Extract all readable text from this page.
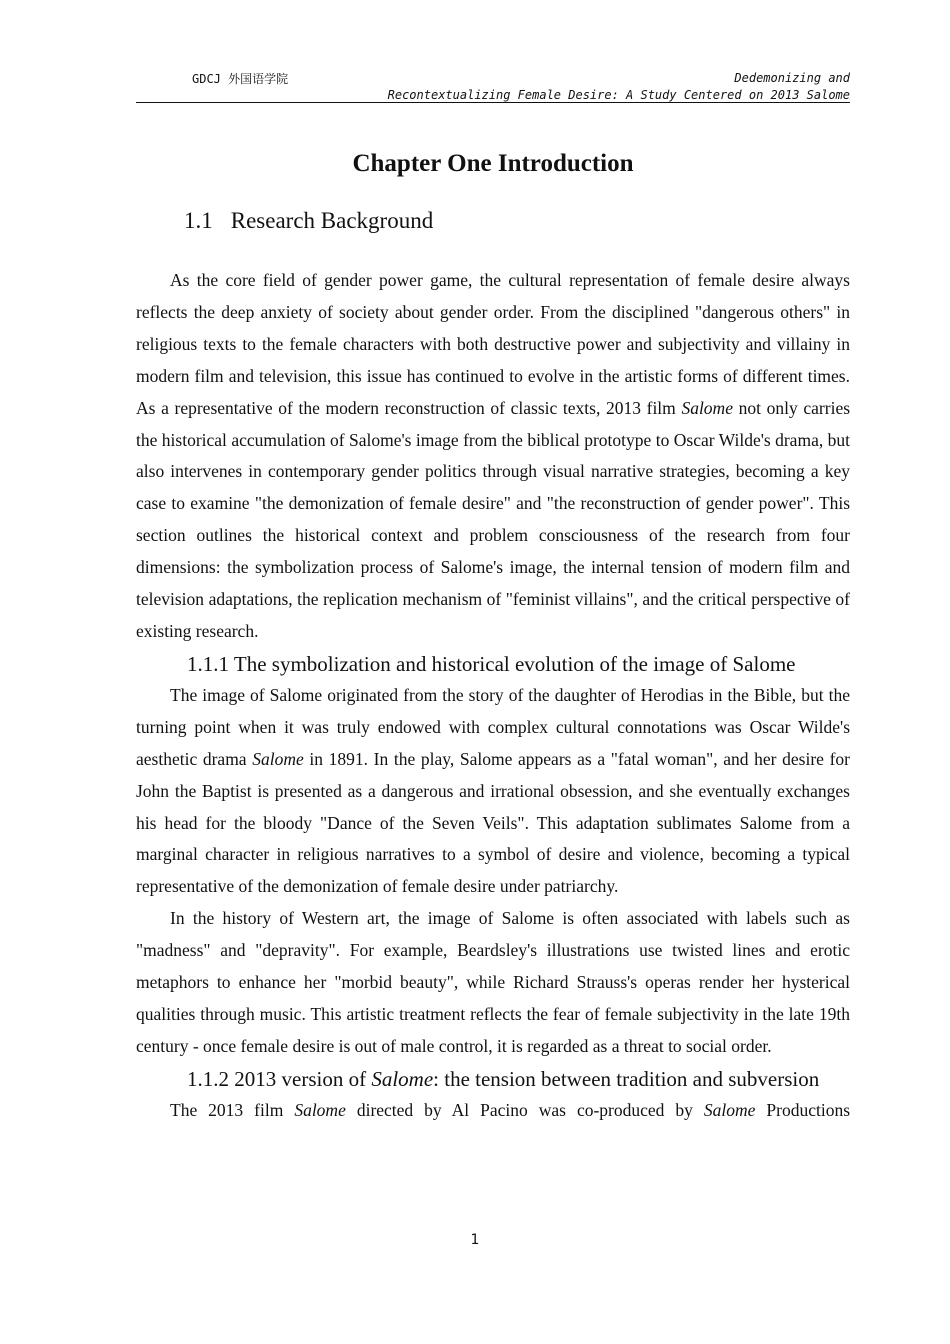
GDCJ 外国语学院	Dedemonizing and
Recontextualizing Female Desire: A Study Centered on 2013 Salome
Chapter One Introduction
1.1 Research Background

As the core field of gender power game, the cultural representation of female desire always reflects the deep anxiety of society about gender order. From the disciplined "dangerous others" in religious texts to the female characters with both destructive power and subjectivity and villainy in modern film and television, this issue has continued to evolve in the artistic forms of different times. As a representative of the modern reconstruction of classic texts, 2013 film Salome not only carries the historical accumulation of Salome's image from the biblical prototype to Oscar Wilde's drama, but also intervenes in contemporary gender politics through visual narrative strategies, becoming a key case to examine "the demonization of female desire" and "the reconstruction of gender power". This section outlines the historical context and problem consciousness of the research from four dimensions: the symbolization process of Salome's image, the internal tension of modern film and television adaptations, the replication mechanism of "feminist villains", and the critical perspective of existing research.

1.1.1 The symbolization and historical evolution of the image of Salome

The image of Salome originated from the story of the daughter of Herodias in the Bible, but the turning point when it was truly endowed with complex cultural connotations was Oscar Wilde's aesthetic drama Salome in 1891. In the play, Salome appears as a "fatal woman", and her desire for John the Baptist is presented as a dangerous and irrational obsession, and she eventually exchanges his head for the bloody "Dance of the Seven Veils". This adaptation sublimates Salome from a marginal character in religious narratives to a symbol of desire and violence, becoming a typical representative of the demonization of female desire under patriarchy.

In the history of Western art, the image of Salome is often associated with labels such as "madness" and "depravity". For example, Beardsley's illustrations use twisted lines and erotic metaphors to enhance her "morbid beauty", while Richard Strauss's operas render her hysterical qualities through music. This artistic treatment reflects the fear of female subjectivity in the late 19th century - once female desire is out of male control, it is regarded as a threat to social order.

1.1.2 2013 version of Salome: the tension between tradition and subversion

The 2013 film Salome directed by Al Pacino was co-produced by Salome Productions

1
